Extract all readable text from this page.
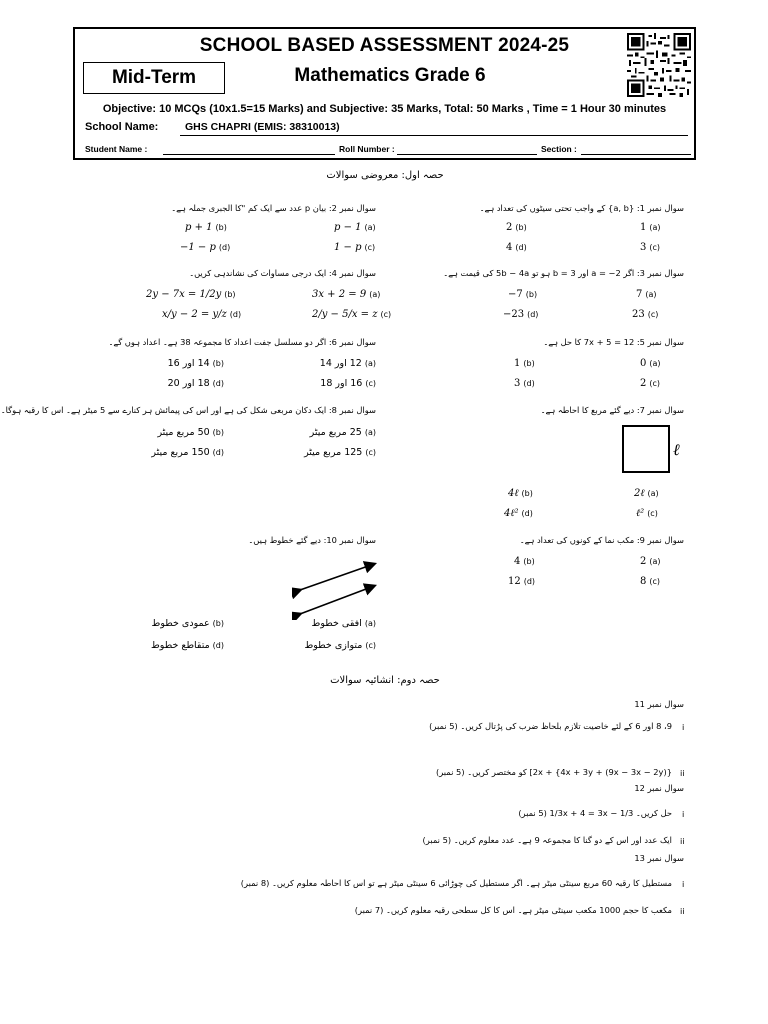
SCHOOL BASED ASSESSMENT 2024-25
Mid-Term	Mathematics Grade 6
Objective: 10 MCQs (10x1.5=15 Marks) and Subjective: 35 Marks, Total: 50 Marks , Time = 1 Hour 30 minutes
School Name:	GHS CHAPRI (EMIS: 38310013)
Student Name :	Roll Number :	Section :
حصہ اول: معروضی سوالات
سوال نمبر 1: {a, b} کے واجب تحتی سیٹوں کی تعداد ہے۔
1 (a)
2 (b)
3 (c)
4 (d)
سوال نمبر 2: بیان p عدد سے ایک کم "کا الجبری جملہ ہے۔
p − 1 (a)
p + 1 (b)
1 − p (c)
−1 − p (d)
سوال نمبر 3: اگر a = −2 اور b = 3 ہو تو 5b − 4a کی قیمت ہے۔
7 (a)
−7 (b)
23 (c)
−23 (d)
سوال نمبر 4: ایک درجی مساوات کی نشاندہی کریں۔
3x + 2 = 9 (a)
2y − 7x = 1/2y (b)
2/y − 5/x = z (c)
x/y − 2 = y/z (d)
سوال نمبر 5: 7x + 5 = 12 کا حل ہے۔
0 (a)
1 (b)
2 (c)
3 (d)
سوال نمبر 6: اگر دو مسلسل جفت اعداد کا مجموعہ 38 ہے۔ اعداد ہوں گے۔
(a)12 اور 14
(b)14 اور 16
(c)16 اور 18
(d)18 اور 20
سوال نمبر 7: دیے گئے مربع کا احاطہ ہے۔
ℓ
2ℓ (a)
4ℓ (b)
ℓ² (c)
4ℓ² (d)
سوال نمبر 8: ایک دکان مربعی شکل کی ہے اور اس کی پیمائش ہر کنارے سے 5 میٹر ہے۔ اس کا رقبہ ہوگا۔
(a)25 مربع میٹر
(b)50 مربع میٹر
(c)125 مربع میٹر
(d)150 مربع میٹر
سوال نمبر 9: مکب نما کے کونوں کی تعداد ہے۔
2 (a)
4 (b)
8 (c)
12 (d)
سوال نمبر 10: دیے گئے خطوط ہیں۔
(a)افقی خطوط
(b)عمودی خطوط
(c)متوازی خطوط
(d)متقاطع خطوط
حصہ دوم: انشائیہ سوالات
سوال نمبر 11
i
9، 8 اور 6 کے لئے خاصیت تلازم بلحاظ ضرب کی پڑتال کریں۔ (5 نمبر)
ii
2x + {4x + 3y + (9x − 3x − 2y)}] کو مختصر کریں۔ (5 نمبر)
سوال نمبر 12
i
حل کریں۔ 1/3x + 4 = 3x − 1/3 (5 نمبر)
ii
ایک عدد اور اس کے دو گنا کا مجموعہ 9 ہے۔ عدد معلوم کریں۔ (5 نمبر)
سوال نمبر 13
i
مستطیل کا رقبہ 60 مربع سینٹی میٹر ہے۔ اگر مستطیل کی چوڑائی 6 سینٹی میٹر ہے تو اس کا احاطہ معلوم کریں۔ (8 نمبر)
ii
مکعب کا حجم 1000 مکعب سینٹی میٹر ہے۔ اس کا کل سطحی رقبہ معلوم کریں۔ (7 نمبر)
